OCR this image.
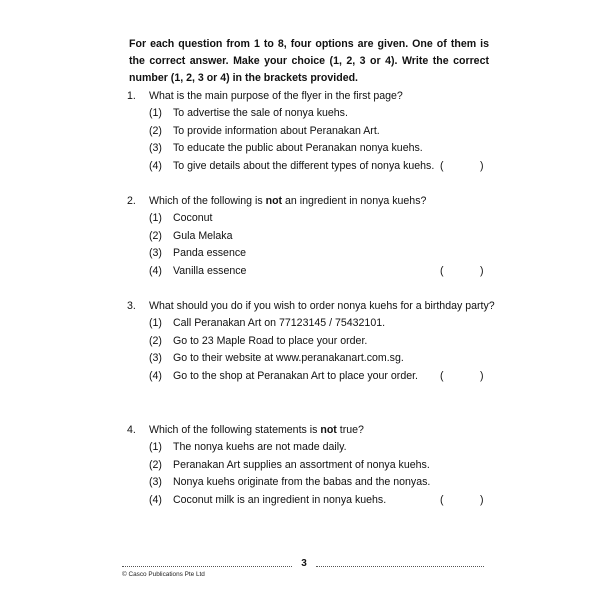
For each question from 1 to 8, four options are given. One of them is the correct answer. Make your choice (1, 2, 3 or 4). Write the correct number (1, 2, 3 or 4) in the brackets provided.

1. What is the main purpose of the flyer in the first page?
(1) To advertise the sale of nonya kuehs.
(2) To provide information about Peranakan Art.
(3) To educate the public about Peranakan nonya kuehs.
(4) To give details about the different types of nonya kuehs. (	)
2. Which of the following is not an ingredient in nonya kuehs?
(1) Coconut
(2) Gula Melaka
(3) Panda essence
(4) Vanilla essence	(	)
3. What should you do if you wish to order nonya kuehs for a birthday party?
(1) Call Peranakan Art on 77123145 / 75432101.
(2) Go to 23 Maple Road to place your order.
(3) Go to their website at www.peranakanart.com.sg.
(4) Go to the shop at Peranakan Art to place your order. (	)
4. Which of the following statements is not true?
(1) The nonya kuehs are not made daily.
(2) Peranakan Art supplies an assortment of nonya kuehs.
(3) Nonya kuehs originate from the babas and the nonyas.
(4) Coconut milk is an ingredient in nonya kuehs.	(	)
3
© Casco Publications Pte Ltd
